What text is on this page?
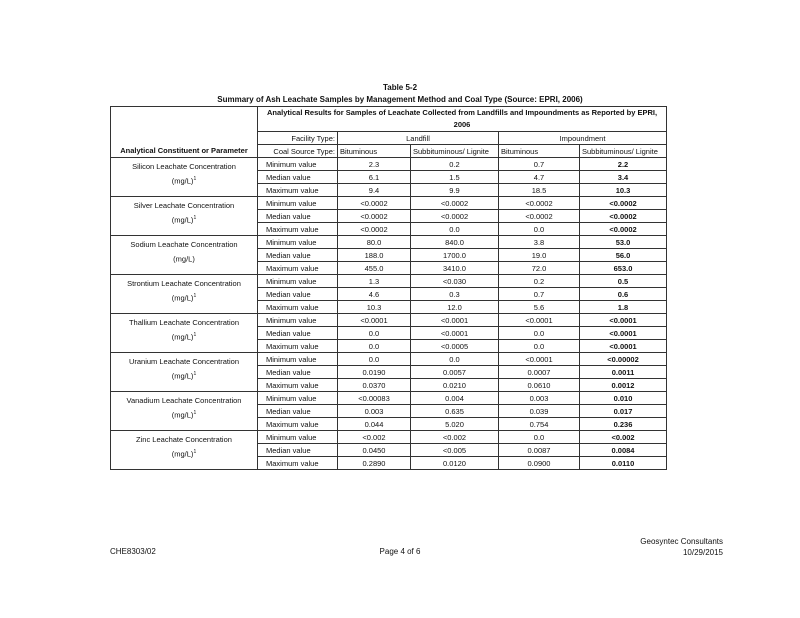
Table 5-2
Summary of Ash Leachate Samples by Management Method and Coal Type (Source: EPRI, 2006)
Analytical Constituent or Parameter	Analytical Results for Samples of Leachate Collected from Landfills and Impoundments as Reported by EPRI, 2006				
	Facility Type:	Landfill		Impoundment	
	Coal Source Type:	Bituminous	Subbituminous/ Lignite	Bituminous	Subbituminous/ Lignite

Silicon Leachate Concentration
$(mg/L)^1$	Minimum value	2.3	0.2	0.7	2.2
	Median value	6.1	1.5	4.7	3.4
	Maximum value	9.4	9.9	18.5	10.3

Silver Leachate Concentration
$(mg/L)^1$	Minimum value	<0.0002	<0.0002	<0.0002	<0.0002
	Median value	<0.0002	<0.0002	<0.0002	<0.0002
	Maximum value	<0.0002	0.0	0.0	<0.0002

Sodium Leachate Concentration
(mg/L)	Minimum value	80.0	840.0	3.8	53.0
	Median value	188.0	1700.0	19.0	56.0
	Maximum value	455.0	3410.0	72.0	653.0

Strontium Leachate Concentration
$(mg/L)^1$	Minimum value	1.3	<0.030	0.2	0.5
	Median value	4.6	0.3	0.7	0.6
	Maximum value	10.3	12.0	5.6	1.8

Thallium Leachate Concentration
$(mg/L)^1$	Minimum value	<0.0001	<0.0001	<0.0001	<0.0001
	Median value	0.0	<0.0001	0.0	<0.0001
	Maximum value	0.0	<0.0005	0.0	<0.0001

Uranium Leachate Concentration
$(mg/L)^1$	Minimum value	0.0	0.0	<0.0001	<0.00002
	Median value	0.0190	0.0057	0.0007	0.0011
	Maximum value	0.0370	0.0210	0.0610	0.0012

Vanadium Leachate Concentration
$(mg/L)^1$	Minimum value	<0.00083	0.004	0.003	0.010
	Median value	0.003	0.635	0.039	0.017
	Maximum value	0.044	5.020	0.754	0.236

Zinc Leachate Concentration
$(mg/L)^1$	Minimum value	<0.002	<0.002	0.0	<0.002
	Median value	0.0450	<0.005	0.0087	0.0084
	Maximum value	0.2890	0.0120	0.0900	0.0110
CHE8303/02	Page 4 of 6
Geosyntec Consultants
10/29/2015
